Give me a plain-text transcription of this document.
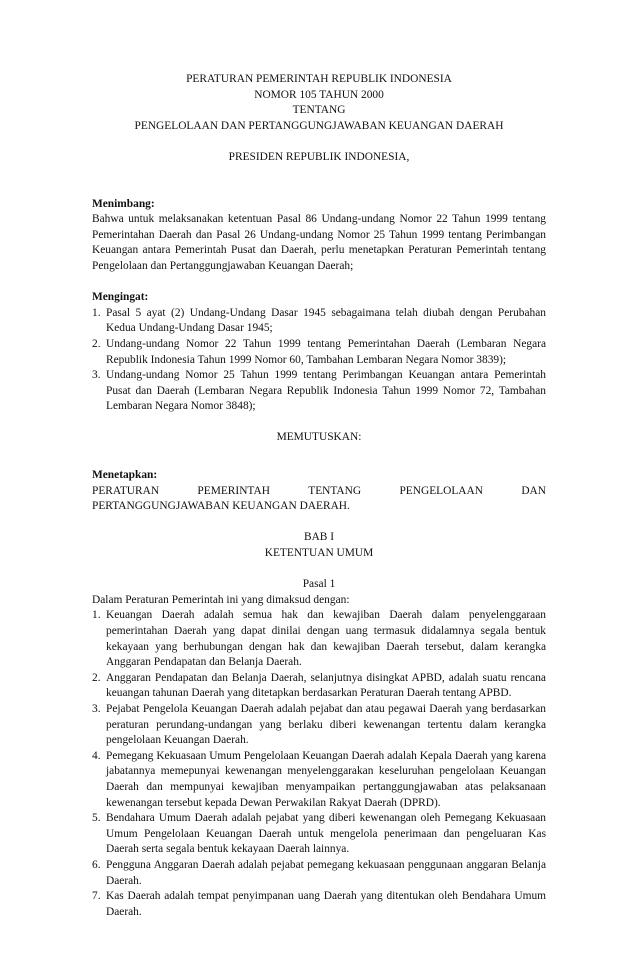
PERATURAN PEMERINTAH REPUBLIK INDONESIA
NOMOR 105 TAHUN 2000
TENTANG
PENGELOLAAN DAN PERTANGGUNGJAWABAN KEUANGAN DAERAH
PRESIDEN REPUBLIK INDONESIA,
Menimbang:
Bahwa untuk melaksanakan ketentuan Pasal 86 Undang-undang Nomor 22 Tahun 1999 tentang Pemerintahan Daerah dan Pasal 26 Undang-undang Nomor 25 Tahun 1999 tentang Perimbangan Keuangan antara Pemerintah Pusat dan Daerah, perlu menetapkan Peraturan Pemerintah tentang Pengelolaan dan Pertanggungjawaban Keuangan Daerah;
Mengingat:
1. Pasal 5 ayat (2) Undang-Undang Dasar 1945 sebagaimana telah diubah dengan Perubahan Kedua Undang-Undang Dasar 1945;
2. Undang-undang Nomor 22 Tahun 1999 tentang Pemerintahan Daerah (Lembaran Negara Republik Indonesia Tahun 1999 Nomor 60, Tambahan Lembaran Negara Nomor 3839);
3. Undang-undang Nomor 25 Tahun 1999 tentang Perimbangan Keuangan antara Pemerintah Pusat dan Daerah (Lembaran Negara Republik Indonesia Tahun 1999 Nomor 72, Tambahan Lembaran Negara Nomor 3848);
MEMUTUSKAN:
Menetapkan:
PERATURAN	PEMERINTAH	TENTANG	PENGELOLAAN	DAN
PERTANGGUNGJAWABAN KEUANGAN DAERAH.
BAB I
KETENTUAN UMUM
Pasal 1
Dalam Peraturan Pemerintah ini yang dimaksud dengan:
1. Keuangan Daerah adalah semua hak dan kewajiban Daerah dalam penyelenggaraan pemerintahan Daerah yang dapat dinilai dengan uang termasuk didalamnya segala bentuk kekayaan yang berhubungan dengan hak dan kewajiban Daerah tersebut, dalam kerangka Anggaran Pendapatan dan Belanja Daerah.
2. Anggaran Pendapatan dan Belanja Daerah, selanjutnya disingkat APBD, adalah suatu rencana keuangan tahunan Daerah yang ditetapkan berdasarkan Peraturan Daerah tentang APBD.
3. Pejabat Pengelola Keuangan Daerah adalah pejabat dan atau pegawai Daerah yang berdasarkan peraturan perundang-undangan yang berlaku diberi kewenangan tertentu dalam kerangka pengelolaan Keuangan Daerah.
4. Pemegang Kekuasaan Umum Pengelolaan Keuangan Daerah adalah Kepala Daerah yang karena jabatannya memepunyai kewenangan menyelenggarakan keseluruhan pengelolaan Keuangan Daerah dan mempunyai kewajiban menyampaikan pertanggungjawaban atas pelaksanaan kewenangan tersebut kepada Dewan Perwakilan Rakyat Daerah (DPRD).
5. Bendahara Umum Daerah adalah pejabat yang diberi kewenangan oleh Pemegang Kekuasaan Umum Pengelolaan Keuangan Daerah untuk mengelola penerimaan dan pengeluaran Kas Daerah serta segala bentuk kekayaan Daerah lainnya.
6. Pengguna Anggaran Daerah adalah pejabat pemegang kekuasaan penggunaan anggaran Belanja Daerah.
7. Kas Daerah adalah tempat penyimpanan uang Daerah yang ditentukan oleh Bendahara Umum Daerah.
